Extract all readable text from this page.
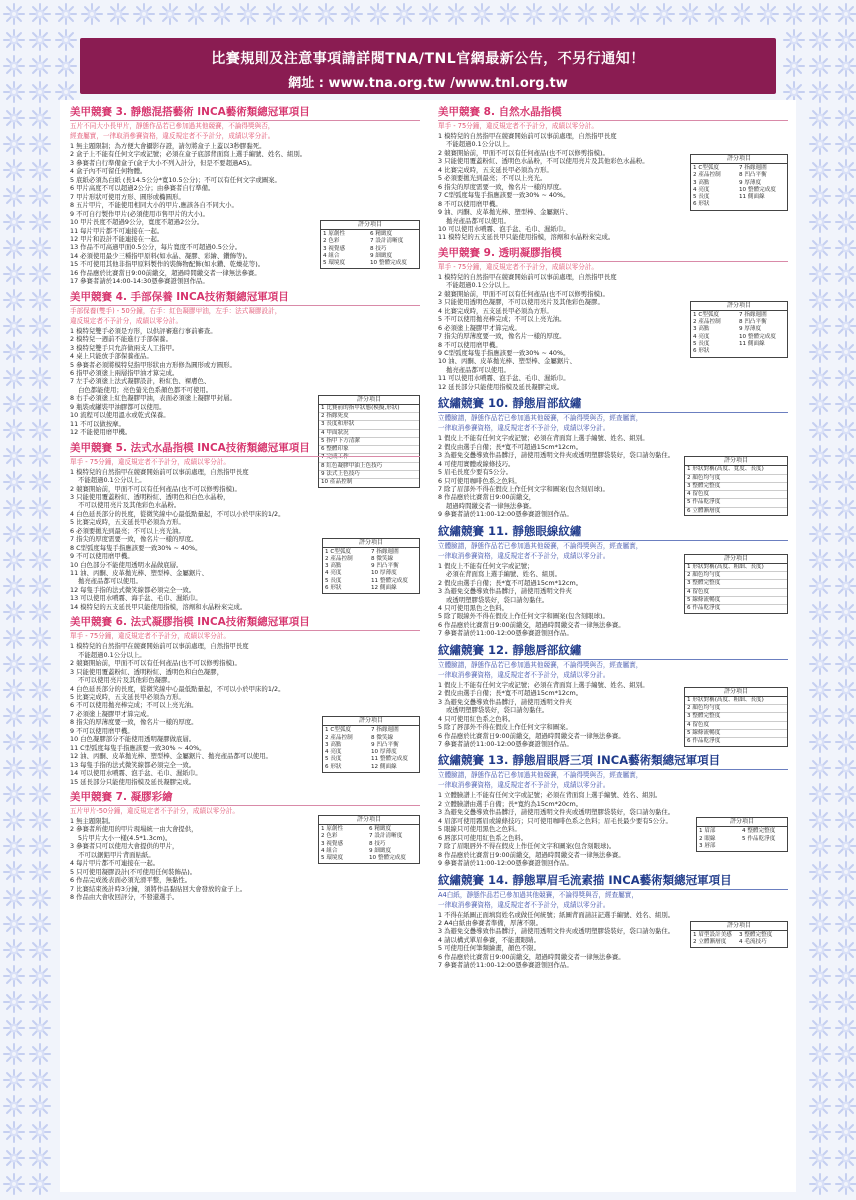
比賽規則及注意事項請詳閱TNA/TNL官網最新公告，不另行通知！
網址 : www.tna.org.tw /www.tnl.org.tw
美甲競賽 3. 靜態混搭藝術 INCA藝術類總冠軍項目
五片不同大小長甲片，靜態作品若已參加過其他競賽，不論得獎與否，
經查屬實，一律取消參賽資格，違反規定者不予計分，成績以零分計。
1 無主題限制；為方便大會攝影存證，請勿將盒子上蓋以3秒膠黏死。
2 盒子上不能有任何文字或記號；必須在盒子底部背面寫上選手編號、姓名、組別。
3 參賽者自行準備盒子(盒子大小不列入計分，但是不要超過A5)。
4 盒子內不可留任何物體。
5 底紙必須為白紙 (長14.5公分*寬10.5公分)；不可以有任何文字或圖案。
6 甲片高度不可以超過2公分；由參賽者自行準備。
7 甲片形狀可使用方形、圓形或橢圓形。
8 五片甲片，不能使用相同大小的甲片,應該各自不同大小。
9 不可自行製作甲片(必須使用市售甲片的大小)。
10 甲片長度不超過9公分，寬度不超過2公分。
11 每片甲片都不可連接在一起。
12 甲片和設計不能連接在一起。
13 作品不可高過甲面0.5公分，每片寬度不可超過0.5公分。
14 必須使用最少三種指甲原料(如水晶、凝膠、彩繪、鑽飾等)。
15 不可使用其他非指甲原料製作的裝飾物配飾(如水鑽、乾燥花等)。
16 作品應於比賽當日9:00前繳交，超過時間繳交者一律無法參賽。
17 參賽者請於14:00-14:30憑參賽證領回作品。
評分項目
1 原創性
2 色彩
3 視覺感
4 組合
5 環境度
6 精緻度
7 設計清晰度
8 技巧
9 細緻度
10 整體完成度
美甲競賽 4. 手部保養 INCA技術類總冠軍項目
手部保養(雙手) - 50分鐘，右手：紅色凝膠甲油，左手：法式凝膠設計，
違反規定者不予計分，成績以零分計。
1 模特兒雙手必須是方形，以供評審進行事前審查。
2 模特兒一週前不能進行手部保養。
3 模特兒雙手只允許做兩支人工指甲。
4 桌上只能放手部保養產品。
5 參賽者必須將模特兒指甲形狀由方形修為圓形或方圓形。
6 指甲必須塗上兩層指甲油才算完成。
7 左手必須塗上法式凝膠設計，粉紅色、裸膚色、
白色都能使用；亮色螢光色系顏色都不可使用。
8 右手必須塗上紅色凝膠甲油，表面必須塗上凝膠甲封層。
9 瓶裝或罐裝甲油膠都可以使用。
10 流程可以使用溫水或乾式保養。
11 不可以做按摩。
12 不能使用磨甲機。
評分項目
1 比賽前的指甲狀態(模擬,形狀)
2 指緣死皮
3 長度和形狀
4 甲面狀況
5 指甲下方清潔
6 整體印象
7 完成工作
8 紅色凝膠甲油上色技巧
9 法式上色技巧
10 產品控制
美甲競賽 5. 法式水晶指模 INCA技術類總冠軍項目
單手 - 75分鐘，違反規定者不予計分，成績以零分計。
1 模特兒的自然指甲在競賽開始前可以事前處理，自然指甲長度
不能超過0.1公分以上。
2 競賽開始前，甲面不可以有任何產品(也不可以修剪指模)。
3 只能使用覆蓋粉紅、透明粉紅、透明色和白色水晶粉，
不可以使用亮片及其他彩色水晶粉。
4 白色延長部分的長度，從微笑線中心最低點量起，不可以小於甲床的1/2。
5 比賽完成時，五支延長甲必須為方形。
6 必須要拋光到最亮；不可以上亮光油。
7 指尖的厚度需要一致，像名片一樣的厚度。
8 C型弧度每隻手指應該要一致30% ~ 40%。
9 不可以使用磨甲機。
10 白色部分不能使用透明水晶做底層。
11 油、丙酮、皮革拋光棒、塑型棒、金屬鋸片、
拋亮產品都可以使用。
12 每隻手指的法式微笑線都必須完全一致。
13 可以使用水噴霧、海手盆、毛巾、濕紙巾。
14 模特兒的五支延長甲只能使用指模，溶劑和水晶粉來完成。
評分項目
1 C型弧度
2 產品控制
3 高點
4 亮度
5 長度
6 形狀
7 指緣週圍
8 微笑線
9 凹凸平衡
10 厚薄度
11 整體完成度
12 側面線
美甲競賽 6. 法式凝膠指模 INCA技術類總冠軍項目
單手 - 75分鐘，違反規定者不予計分，成績以零分計。
1 模特兒的自然指甲在競賽開始前可以事前處理，自然指甲長度
不能超過0.1公分以上。
2 競賽開始前，甲面不可以有任何產品(也不可以修剪指模)。
3 只能使用覆蓋粉紅、透明粉紅、透明色和白色凝膠，
不可以使用亮片及其他彩色凝膠。
4 白色延長部分的長度，從微笑線中心最低點量起，不可以小於甲床的1/2。
5 比賽完成時，五支延長甲必須為方形。
6 不可以使用拋亮棒完成；不可以上亮光油。
7 必須塗上凝膠甲才算完成。
8 指尖的厚薄度要一致，像名片一樣的厚度。
9 不可以使用磨甲機。
10 白色凝膠部分不能使用透明凝膠做底層。
11 C型弧度每隻手指應該要一致30% ~ 40%。
12 油、丙酮、皮革拋光棒、塑型棒、金屬鋸片、拋亮產品都可以使用。
13 每隻手指的法式微笑線都必須完全一致。
14 可以使用水噴霧、泡手盆、毛巾、濕紙巾。
15 延長部分只能使用指模及延長凝膠完成。
評分項目
1 C型弧度
2 產品控制
3 高點
4 亮度
5 長度
6 形狀
7 指緣週圍
8 微笑線
9 凹凸平衡
10 厚薄度
11 整體完成度
12 側面線
美甲競賽 7. 凝膠彩繪
五片甲片-50分鐘，違反規定者不予計分，成績以零分計。
1 無主題限制。
2 參賽者所使用的甲片現場統一由大會提供，
5片甲片大小一樣(4.5*1.3cm)。
3 參賽者只可以使用大會提供的甲片，
不可以鋸鋁甲片背面貼紙。
4 每片甲片都不可連接在一起。
5 只可使用凝膠設計(不可使用任何裝飾品)。
6 作品完成後表面必須光滑平整，無黏性。
7 比賽結束後計時3分鐘，須將作品黏貼回大會發放的盒子上。
8 作品由大會收回評分，不發還選手。
評分項目
1 原創性
2 色彩
3 視覺感
4 組合
5 環境度
6 精緻度
7 設計清晰度
8 技巧
9 細緻度
10 整體完成度
美甲競賽 8. 自然水晶指模
單手 - 75分鐘，違反規定者不予計分，成績以零分計。
1 模特兒的自然指甲在競賽開始前可以事前處理，自然指甲長度
不能超過0.1公分以上。
2 競賽開始前，甲面不可以有任何產品(也不可以修剪指模)。
3 只能使用覆蓋粉紅、透明色水晶粉，不可以使用亮片及其他彩色水晶粉。
4 比賽完成時，五支延長甲必須為方形。
5 必須要拋光到最亮；不可以上亮光。
6 指尖的厚度需要一致，像名片一樣的厚度。
7 C型弧度每隻手指應該要一致30% ~ 40%。
8 不可以使用磨甲機。
9 油、丙酮、皮革拋光棒、塑型棒、金屬鋸片、
拋亮產品都可以使用。
10 可以使用水噴霧、泡手盆、毛巾、濕紙巾。
11 模特兒的五支延長甲只能使用指模，溶劑和水晶粉來完成。
評分項目
1 C型弧度
2 產品控制
3 高點
4 亮度
5 長度
6 形狀
7 指緣週圍
8 凹凸平衡
9 厚薄度
10 整體完成度
11 側面線
美甲競賽 9. 透明凝膠指模
單手 - 75分鐘，違反規定者不予計分，成績以零分計。
1 模特兒的自然指甲在競賽開始前可以事前處理，自然指甲長度
不能超過0.1公分以上。
2 競賽開始前，甲面不可以有任何產品(也不可以修剪指模)。
3 只能使用透明色凝膠，不可以使用亮片及其他彩色凝膠。
4 比賽完成時，五支延長甲必須為方形。
5 不可以使用拋亮棒完成；不可以上亮光油。
6 必須塗上凝膠甲才算完成。
7 指尖的厚薄度要一致，像名片一樣的厚度。
8 不可以使用磨甲機。
9 C型弧度每隻手指應該要一致30% ~ 40%。
10 油、丙酮、皮革拋光棒、塑型棒、金屬鋸片、
拋亮產品都可以使用。
11 可以使用水噴霧、泡手盆、毛巾、濕紙巾。
12 延長部分只能使用指模及延長凝膠完成。
評分項目
1 C型弧度
2 產品控制
3 高點
4 亮度
5 長度
6 形狀
7 指緣週圍
8 凹凸平衡
9 厚薄度
10 整體完成度
11 側面線
紋繡競賽 10. 靜態眉部紋繡
立體臉譜，靜態作品若已參加過其他競賽，不論得獎與否，經查屬實，
一律取消參賽資格，違反規定者不予計分，成績以零分計。
1 假皮上不能有任何文字或記號；必須在背面寫上選手編號、姓名、組別。
2 假皮由選手自備；長*寬不可超過15cm*12cm。
3 為避免交疊導致作品髒汙，請使用透明文件夾或透明塑膠袋裝好，袋口請勿黏住。
4 可使用實體或線條技巧。
5 眉毛長度少要有5公分。
6 只可使用咖啡色系之色料。
7 除了眉部外不得在假皮上作任何文字和圖案(包含刻眉球)。
8 作品應於比賽當日9:00前繳交，
超過時間繳交者一律無法參賽。
9 參賽者請於11:00-12:00憑參賽證領回作品。
評分項目
1 形狀對稱(高度、寬度、長度)
2 顏色均勻度
3 整體完整度
4 留色度
5 作品乾淨度
6 立體漸層度
紋繡競賽 11. 靜態眼線紋繡
立體臉譜，靜態作品若已參加過其他競賽，不論得獎與否，經查屬實，
一律取消參賽資格，違反規定者不予計分，成績以零分計。
1 假皮上不能有任何文字或記號；
必須在背面寫上選手編號、姓名、組別。
2 假皮由選手自備；長*寬不可超過15cm*12cm。
3 為避免交疊導致作品髒汙，請使用透明文件夾
或透明塑膠袋裝好，袋口請勿黏住。
4 只可使用黑色之色料。
5 除了眼線外不得在假皮上作任何文字和圖案(包含刻眼球)。
6 作品應於比賽當日9:00前繳交，超過時間繳交者一律無法參賽。
7 參賽者請於11:00-12:00憑參賽證領回作品。
評分項目
1 形狀對稱(高度、粗細、長度)
2 顏色均勻度
3 整體完整度
4 留色度
5 線條流暢度
6 作品乾淨度
紋繡競賽 12. 靜態唇部紋繡
立體臉譜，靜態作品若已參加過其他競賽，不論得獎與否，經查屬實，
一律取消參賽資格，違反規定者不予計分，成績以零分計。
1 假皮上不能有任何文字或記號；必須在背面寫上選手編號、姓名、組別。
2 假皮由選手自備；長*寬不可超過15cm*12cm。
3 為避免交疊導致作品髒汙，請使用透明文件夾
或透明塑膠袋裝好，袋口請勿黏住。
4 只可使用紅色系之色料。
5 除了唇部外不得在假皮上作任何文字和圖案。
6 作品應於比賽當日9:00前繳交，超過時間繳交者一律無法參賽。
7 參賽者請於11:00-12:00憑參賽證領回作品。
評分項目
1 形狀對稱(高度、粗細、長度)
2 顏色均勻度
3 整體完整度
4 留色度
5 線條流暢度
6 作品乾淨度
紋繡競賽 13. 靜態眉眼唇三項 INCA藝術類總冠軍項目
立體臉譜，靜態作品若已參加過其他競賽，不論得獎與否，經查屬實，
一律取消參賽資格，違反規定者不予計分，成績以零分計。
1 立體臉譜上不能有任何文字或記號；必須在背面寫上選手編號、姓名、組別。
2 立體臉譜由選手自備；長*寬約為15cm*20cm。
3 為避免交疊導致作品髒汙，請使用透明文件夾或透明塑膠袋裝好，袋口請勿黏住。
4 眉部可使用霧眉或線條技巧；只可使用咖啡色系之色料；眉毛長最少要有5公分。
5 眼線只可使用黑色之色料。
6 唇部只可使用紅色系之色料。
7 除了眉眼唇外不得在假皮上作任何文字和圖案(包含刻眼球)。
8 作品應於比賽當日9:00前繳交，超過時間繳交者一律無法參賽。
9 參賽者請於11:00-12:00憑參賽證領回作品。
評分項目
1 眉部
2 眼線
3 唇部
4 整體完整度
5 作品乾淨度
紋繡競賽 14. 靜態單眉毛流素描 INCA藝術類總冠軍項目
A4白紙，靜態作品若已參加過其他競賽，不論得獎與否，經查屬實，
一律取消參賽資格，違反規定者不予計分，成績以零分計。
1 不得在紙圖正面填寫姓名或做任何統號；紙圖背面請註記選手編號、姓名、組別。
2 A4白紙由參賽者準備，厚薄不限。
3 為避免交疊導致作品髒汙，請使用透明文件夾或透明塑膠袋裝好，袋口請勿黏住。
4 請以構式單眉參賽，不能畫眼睛。
5 可使用任何筆類繪畫，顏色不限。
6 作品應於比賽當日9:00前繳交，超過時間繳交者一律無法參賽。
7 參賽者請於11:00-12:00憑參賽證領回作品。
評分項目
1 眉型設計美感
2 立體漸層度
3 整體完整度
4 毛流技巧
